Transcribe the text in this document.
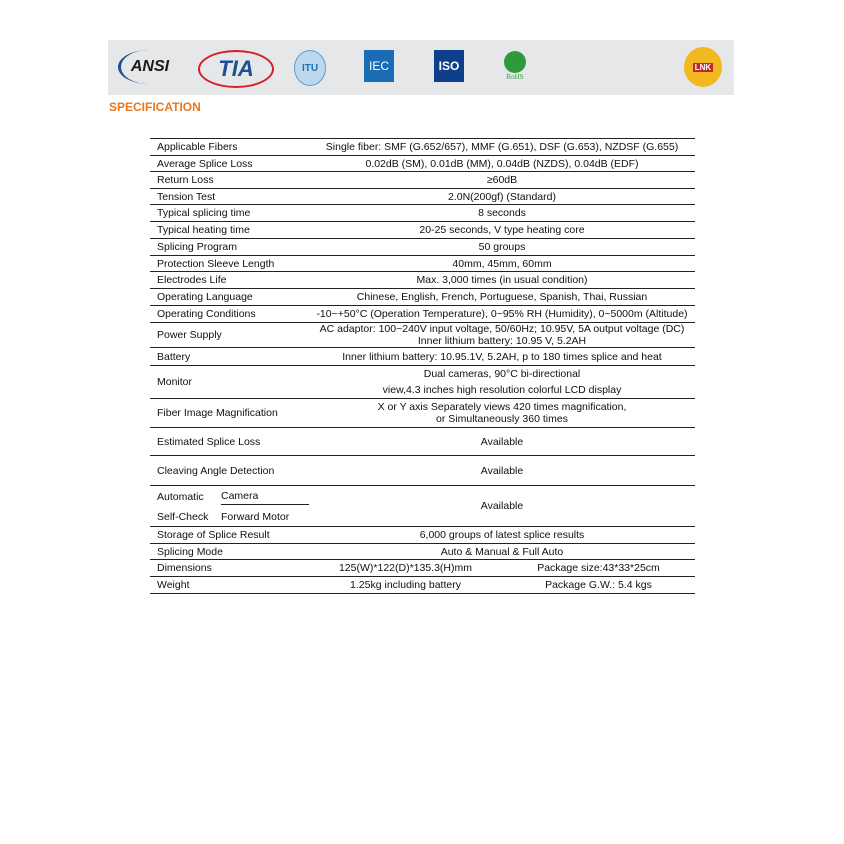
ANSI TIA	ITU	IEC	ISO
RoHS
LNK
SPECIFICATION
Applicable Fibers	Single fiber: SMF (G.652/657), MMF (G.651), DSF (G.653), NZDSF (G.655)
Average Splice Loss	0.02dB (SM), 0.01dB (MM), 0.04dB (NZDS), 0.04dB (EDF)
Return Loss	≥60dB
Tension Test	2.0N(200gf) (Standard)
Typical splicing time	8 seconds
Typical heating time	20-25 seconds, V type heating core
Splicing Program	50 groups
Protection Sleeve Length	40mm, 45mm, 60mm
Electrodes Life	Max. 3,000 times (in usual condition)
Operating Language	Chinese, English, French, Portuguese, Spanish, Thai, Russian
Operating Conditions	-10~+50°C (Operation Temperature), 0~95% RH (Humidity), 0~5000m (Altitude)
Power Supply	AC adaptor: 100~240V input voltage, 50/60Hz; 10.95V, 5A output voltage (DC)
Inner lithium battery: 10.95 V, 5.2AH

Battery	Inner lithium battery: 10.95.1V, 5.2AH, p to 180 times splice and heat
Monitor	Dual cameras, 90°C bi-directional
view,4.3 inches high resolution colorful LCD display

Fiber Image Magnification	X or Y axis Separately views 420 times magnification,
or Simultaneously 360 times

Estimated Splice Loss	Available
Cleaving Angle Detection	Available

Automatic Camera
Self-Check Forward Motor	Available
Storage of Splice Result	6,000 groups of latest splice results
Splicing Mode	Auto & Manual & Full Auto
Dimensions	125(W)*122(D)*135.3(H)mm Package size:43*33*25cm

Weight	1.25kg including battery Package G.W.: 5.4 kgs
